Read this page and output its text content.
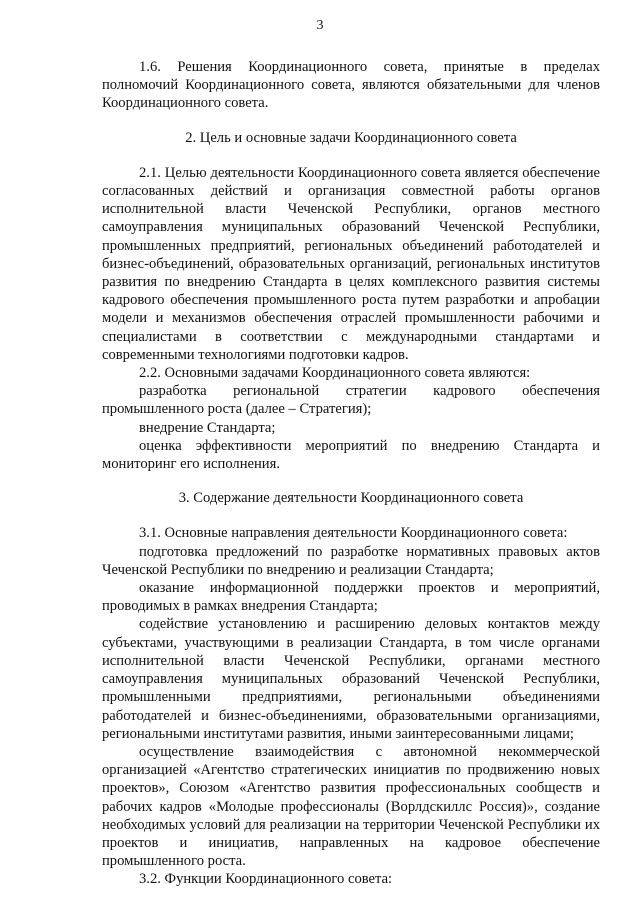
3

1.6. Решения Координационного совета, принятые в пределах полномочий Координационного совета, являются обязательными для членов Координационного совета.

2. Цель и основные задачи Координационного совета

2.1. Целью деятельности Координационного совета является обеспечение согласованных действий и организация совместной работы органов исполнительной власти Чеченской Республики, органов местного самоуправления муниципальных образований Чеченской Республики, промышленных предприятий, региональных объединений работодателей и бизнес-объединений, образовательных организаций, региональных институтов развития по внедрению Стандарта в целях комплексного развития системы кадрового обеспечения промышленного роста путем разработки и апробации модели и механизмов обеспечения отраслей промышленности рабочими и специалистами в соответствии с международными стандартами и современными технологиями подготовки кадров.

2.2. Основными задачами Координационного совета являются:

разработка региональной стратегии кадрового обеспечения промышленного роста (далее – Стратегия);

внедрение Стандарта;

оценка эффективности мероприятий по внедрению Стандарта и мониторинг его исполнения.

3. Содержание деятельности Координационного совета

3.1. Основные направления деятельности Координационного совета:

подготовка предложений по разработке нормативных правовых актов Чеченской Республики по внедрению и реализации Стандарта;

оказание информационной поддержки проектов и мероприятий, проводимых в рамках внедрения Стандарта;

содействие установлению и расширению деловых контактов между субъектами, участвующими в реализации Стандарта, в том числе органами исполнительной власти Чеченской Республики, органами местного самоуправления муниципальных образований Чеченской Республики, промышленными предприятиями, региональными объединениями работодателей и бизнес-объединениями, образовательными организациями, региональными институтами развития, иными заинтересованными лицами;

осуществление взаимодействия с автономной некоммерческой организацией «Агентство стратегических инициатив по продвижению новых проектов», Союзом «Агентство развития профессиональных сообществ и рабочих кадров «Молодые профессионалы (Ворлдскиллс Россия)», создание необходимых условий для реализации на территории Чеченской Республики их проектов и инициатив, направленных на кадровое обеспечение промышленного роста.

3.2. Функции Координационного совета:
